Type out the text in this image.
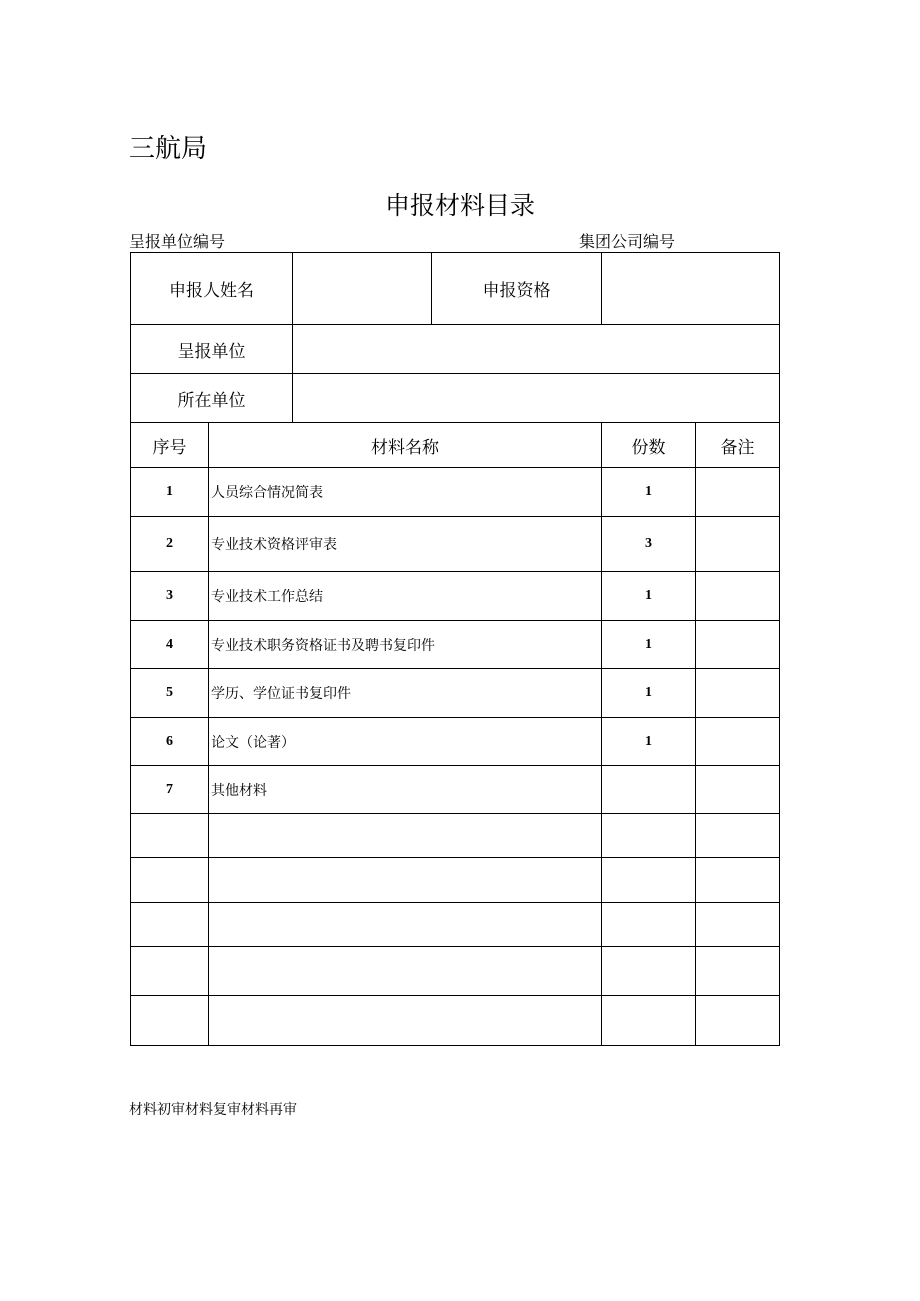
三航局
申报材料目录
呈报单位编号	集团公司编号
申报人姓名	申报资格
呈报单位
所在单位
序号	材料名称	份数	备注
1	人员综合情况简表	1
2	专业技术资格评审表	3
3	专业技术工作总结	1
4	专业技术职务资格证书及聘书复印件	1
5	学历、学位证书复印件	1
6	论文（论著）	1
7	其他材料
材料初审材料复审材料再审
